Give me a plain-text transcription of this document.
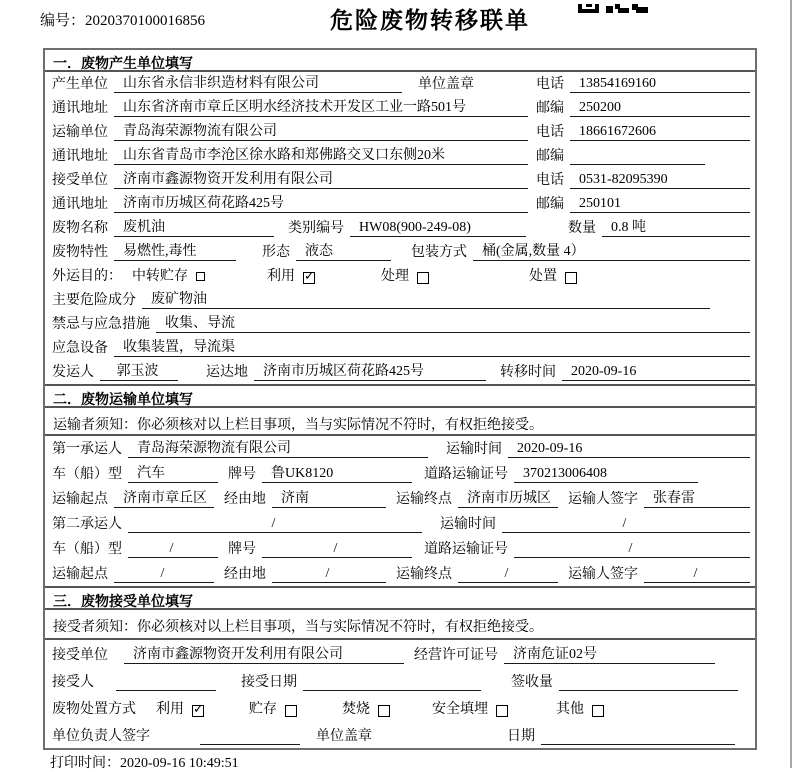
编号：2020370100016856	危险废物转移联单
一．废物产生单位填写
产生单位	山东省永信非织造材料有限公司	单位盖章	电话	13854169160
通讯地址	山东省济南市章丘区明水经济技术开发区工业一路501号	邮编	250200
运输单位	青岛海荣源物流有限公司	电话	18661672606
通讯地址	山东省青岛市李沧区徐水路和郑佛路交叉口东侧20米	邮编
接受单位	济南市鑫源物资开发利用有限公司	电话	0531-82095390
通讯地址	济南市历城区荷花路425号	邮编	250101
废物名称	废机油	类别编号	HW08(900-249-08)	数量	0.8 吨
废物特性	易燃性,毒性	形态	液态	包装方式	桶(金属,数量 4）
外运目的： 中转贮存	利用 ✓	处理	处置
主要危险成分	废矿物油
禁忌与应急措施	收集、导流
应急设备	收集装置，导流渠
发运人	郭玉波	运达地	济南市历城区荷花路425号	转移时间	2020-09-16
二．废物运输单位填写
运输者须知：你必须核对以上栏目事项，当与实际情况不符时，有权拒绝接受。
第一承运人	青岛海荣源物流有限公司	运输时间	2020-09-16
车（船）型	汽车	牌号	鲁UK8120	道路运输证号	370213006408
运输起点	济南市章丘区	经由地	济南	运输终点	济南市历城区	运输人签字	张春雷
第二承运人	/	运输时间	/
车（船）型	/	牌号	/	道路运输证号	/
运输起点	/	经由地	/	运输终点	/	运输人签字	/
三．废物接受单位填写
接受者须知：你必须核对以上栏目事项，当与实际情况不符时，有权拒绝接受。
接受单位	济南市鑫源物资开发利用有限公司	经营许可证号	济南危证02号
接受人	接受日期	签收量
废物处置方式 利用 ✓	贮存	焚烧	安全填埋	其他
单位负责人签字	单位盖章	日期
打印时间：2020-09-16 10:49:51
